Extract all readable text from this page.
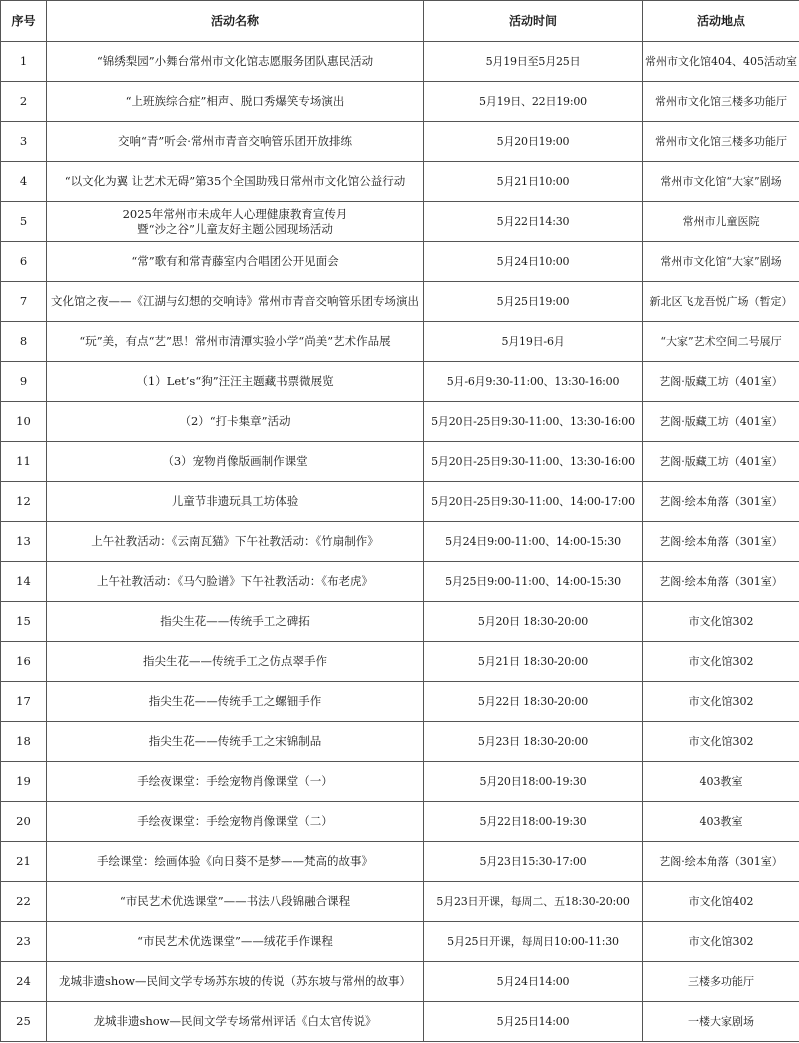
序号	活动名称	活动时间	活动地点
1	“锦绣梨园”小舞台常州市文化馆志愿服务团队惠民活动	5月19日至5月25日	常州市文化馆404、405活动室
2	“上班族综合症”相声、脱口秀爆笑专场演出	5月19日、22日19:00	常州市文化馆三楼多功能厅
3	交响“青”听会·常州市青音交响管乐团开放排练	5月20日19:00	常州市文化馆三楼多功能厅
4	“以文化为翼 让艺术无碍”第35个全国助残日常州市文化馆公益行动	5月21日10:00	常州市文化馆“大家”剧场
5	2025年常州市未成年人心理健康教育宣传月
暨“沙之谷”儿童友好主题公园现场活动	5月22日14:30	常州市儿童医院
6	“常”歌有和常青藤室内合唱团公开见面会	5月24日10:00	常州市文化馆“大家”剧场
7	文化馆之夜——《江湖与幻想的交响诗》常州市青音交响管乐团专场演出	5月25日19:00	新北区飞龙吾悦广场（暂定）
8	“玩”美，有点“艺”思！常州市清潭实验小学“尚美”艺术作品展	5月19日-6月	“大家”艺术空间二号展厅
9	（1）Let’s“狗”汪汪主题藏书票微展览	5月-6月9:30-11:00、13:30-16:00	艺阁·版藏工坊（401室）
10	（2）“打卡集章”活动	5月20日-25日9:30-11:00、13:30-16:00	艺阁·版藏工坊（401室）
11	（3）宠物肖像版画制作课堂	5月20日-25日9:30-11:00、13:30-16:00	艺阁·版藏工坊（401室）
12	儿童节非遗玩具工坊体验	5月20日-25日9:30-11:00、14:00-17:00	艺阁·绘本角落（301室）
13	上午社教活动：《云南瓦猫》下午社教活动：《竹扇制作》	5月24日9:00-11:00、14:00-15:30	艺阁·绘本角落（301室）
14	上午社教活动：《马勺脸谱》下午社教活动：《布老虎》	5月25日9:00-11:00、14:00-15:30	艺阁·绘本角落（301室）
15	指尖生花——传统手工之碑拓	5月20日 18:30-20:00	市文化馆302
16	指尖生花——传统手工之仿点翠手作	5月21日 18:30-20:00	市文化馆302
17	指尖生花——传统手工之螺钿手作	5月22日 18:30-20:00	市文化馆302
18	指尖生花——传统手工之宋锦制品	5月23日 18:30-20:00	市文化馆302
19	手绘夜课堂：手绘宠物肖像课堂（一）	5月20日18:00-19:30	403教室
20	手绘夜课堂：手绘宠物肖像课堂（二）	5月22日18:00-19:30	403教室
21	手绘课堂：绘画体验《向日葵不是梦——梵高的故事》	5月23日15:30-17:00	艺阁·绘本角落（301室）
22	“市民艺术优选课堂”——书法八段锦融合课程	5月23日开课，每周二、五18:30-20:00	市文化馆402
23	“市民艺术优选课堂”——绒花手作课程	5月25日开课，每周日10:00-11:30	市文化馆302
24	龙城非遗show—民间文学专场苏东坡的传说（苏东坡与常州的故事）	5月24日14:00	三楼多功能厅
25	龙城非遗show—民间文学专场常州评话《白太官传说》	5月25日14:00	一楼大家剧场
